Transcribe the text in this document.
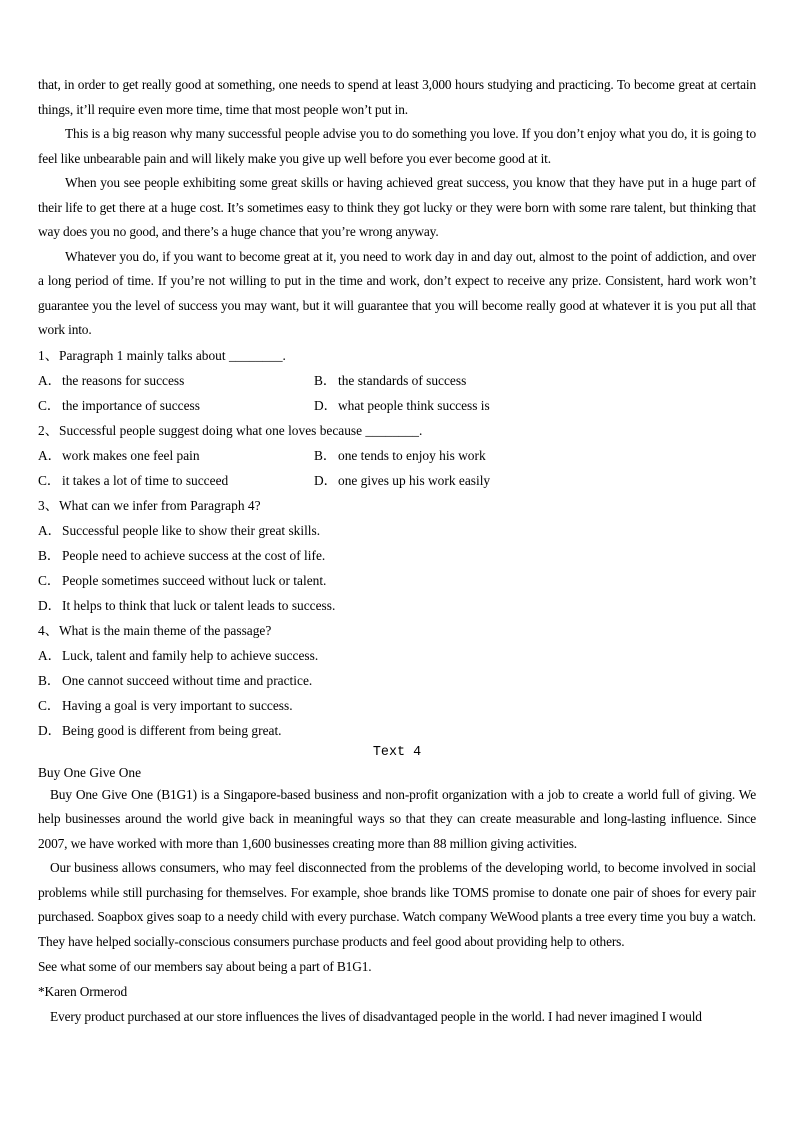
that, in order to get really good at something, one needs to spend at least 3,000 hours studying and practicing. To become great at certain things, it’ll require even more time, time that most people won’t put in.

This is a big reason why many successful people advise you to do something you love. If you don’t enjoy what you do, it is going to feel like unbearable pain and will likely make you give up well before you ever become good at it.

When you see people exhibiting some great skills or having achieved great success, you know that they have put in a huge part of their life to get there at a huge cost. It’s sometimes easy to think they got lucky or they were born with some rare talent, but thinking that way does you no good, and there’s a huge chance that you’re wrong anyway.

Whatever you do, if you want to become great at it, you need to work day in and day out, almost to the point of addiction, and over a long period of time. If you’re not willing to put in the time and work, don’t expect to receive any prize. Consistent, hard work won’t guarantee you the level of success you may want, but it will guarantee that you will become really good at whatever it is you put all that work into.

1、Paragraph 1 mainly talks about ________.
A．the reasons for success	B． the standards of success
C． the importance of success	D．what people think success is
2、Successful people suggest doing what one loves because ________.
A．work makes one feel pain	B． one tends to enjoy his work
C． it takes a lot of time to succeed	D．one gives up his work easily
3、What can we infer from Paragraph 4?
A．Successful people like to show their great skills.
B． People need to achieve success at the cost of life.
C． People sometimes succeed without luck or talent.
D．It helps to think that luck or talent leads to success.
4、What is the main theme of the passage?
A．Luck, talent and family help to achieve success.
B． One cannot succeed without time and practice.
C． Having a goal is very important to success.
D．Being good is different from being great.
Text 4
Buy One Give One

Buy One Give One (B1G1) is a Singapore-based business and non-profit organization with a job to create a world full of giving. We help businesses around the world give back in meaningful ways so that they can create measurable and long-lasting influence. Since 2007, we have worked with more than 1,600 businesses creating more than 88 million giving activities.

Our business allows consumers, who may feel disconnected from the problems of the developing world, to become involved in social problems while still purchasing for themselves. For example, shoe brands like TOMS promise to donate one pair of shoes for every pair purchased. Soapbox gives soap to a needy child with every purchase. Watch company WeWood plants a tree every time you buy a watch. They have helped socially-conscious consumers purchase products and feel good about providing help to others.

See what some of our members say about being a part of B1G1.
*Karen Ormerod
Every product purchased at our store influences the lives of disadvantaged people in the world. I had never imagined I would
